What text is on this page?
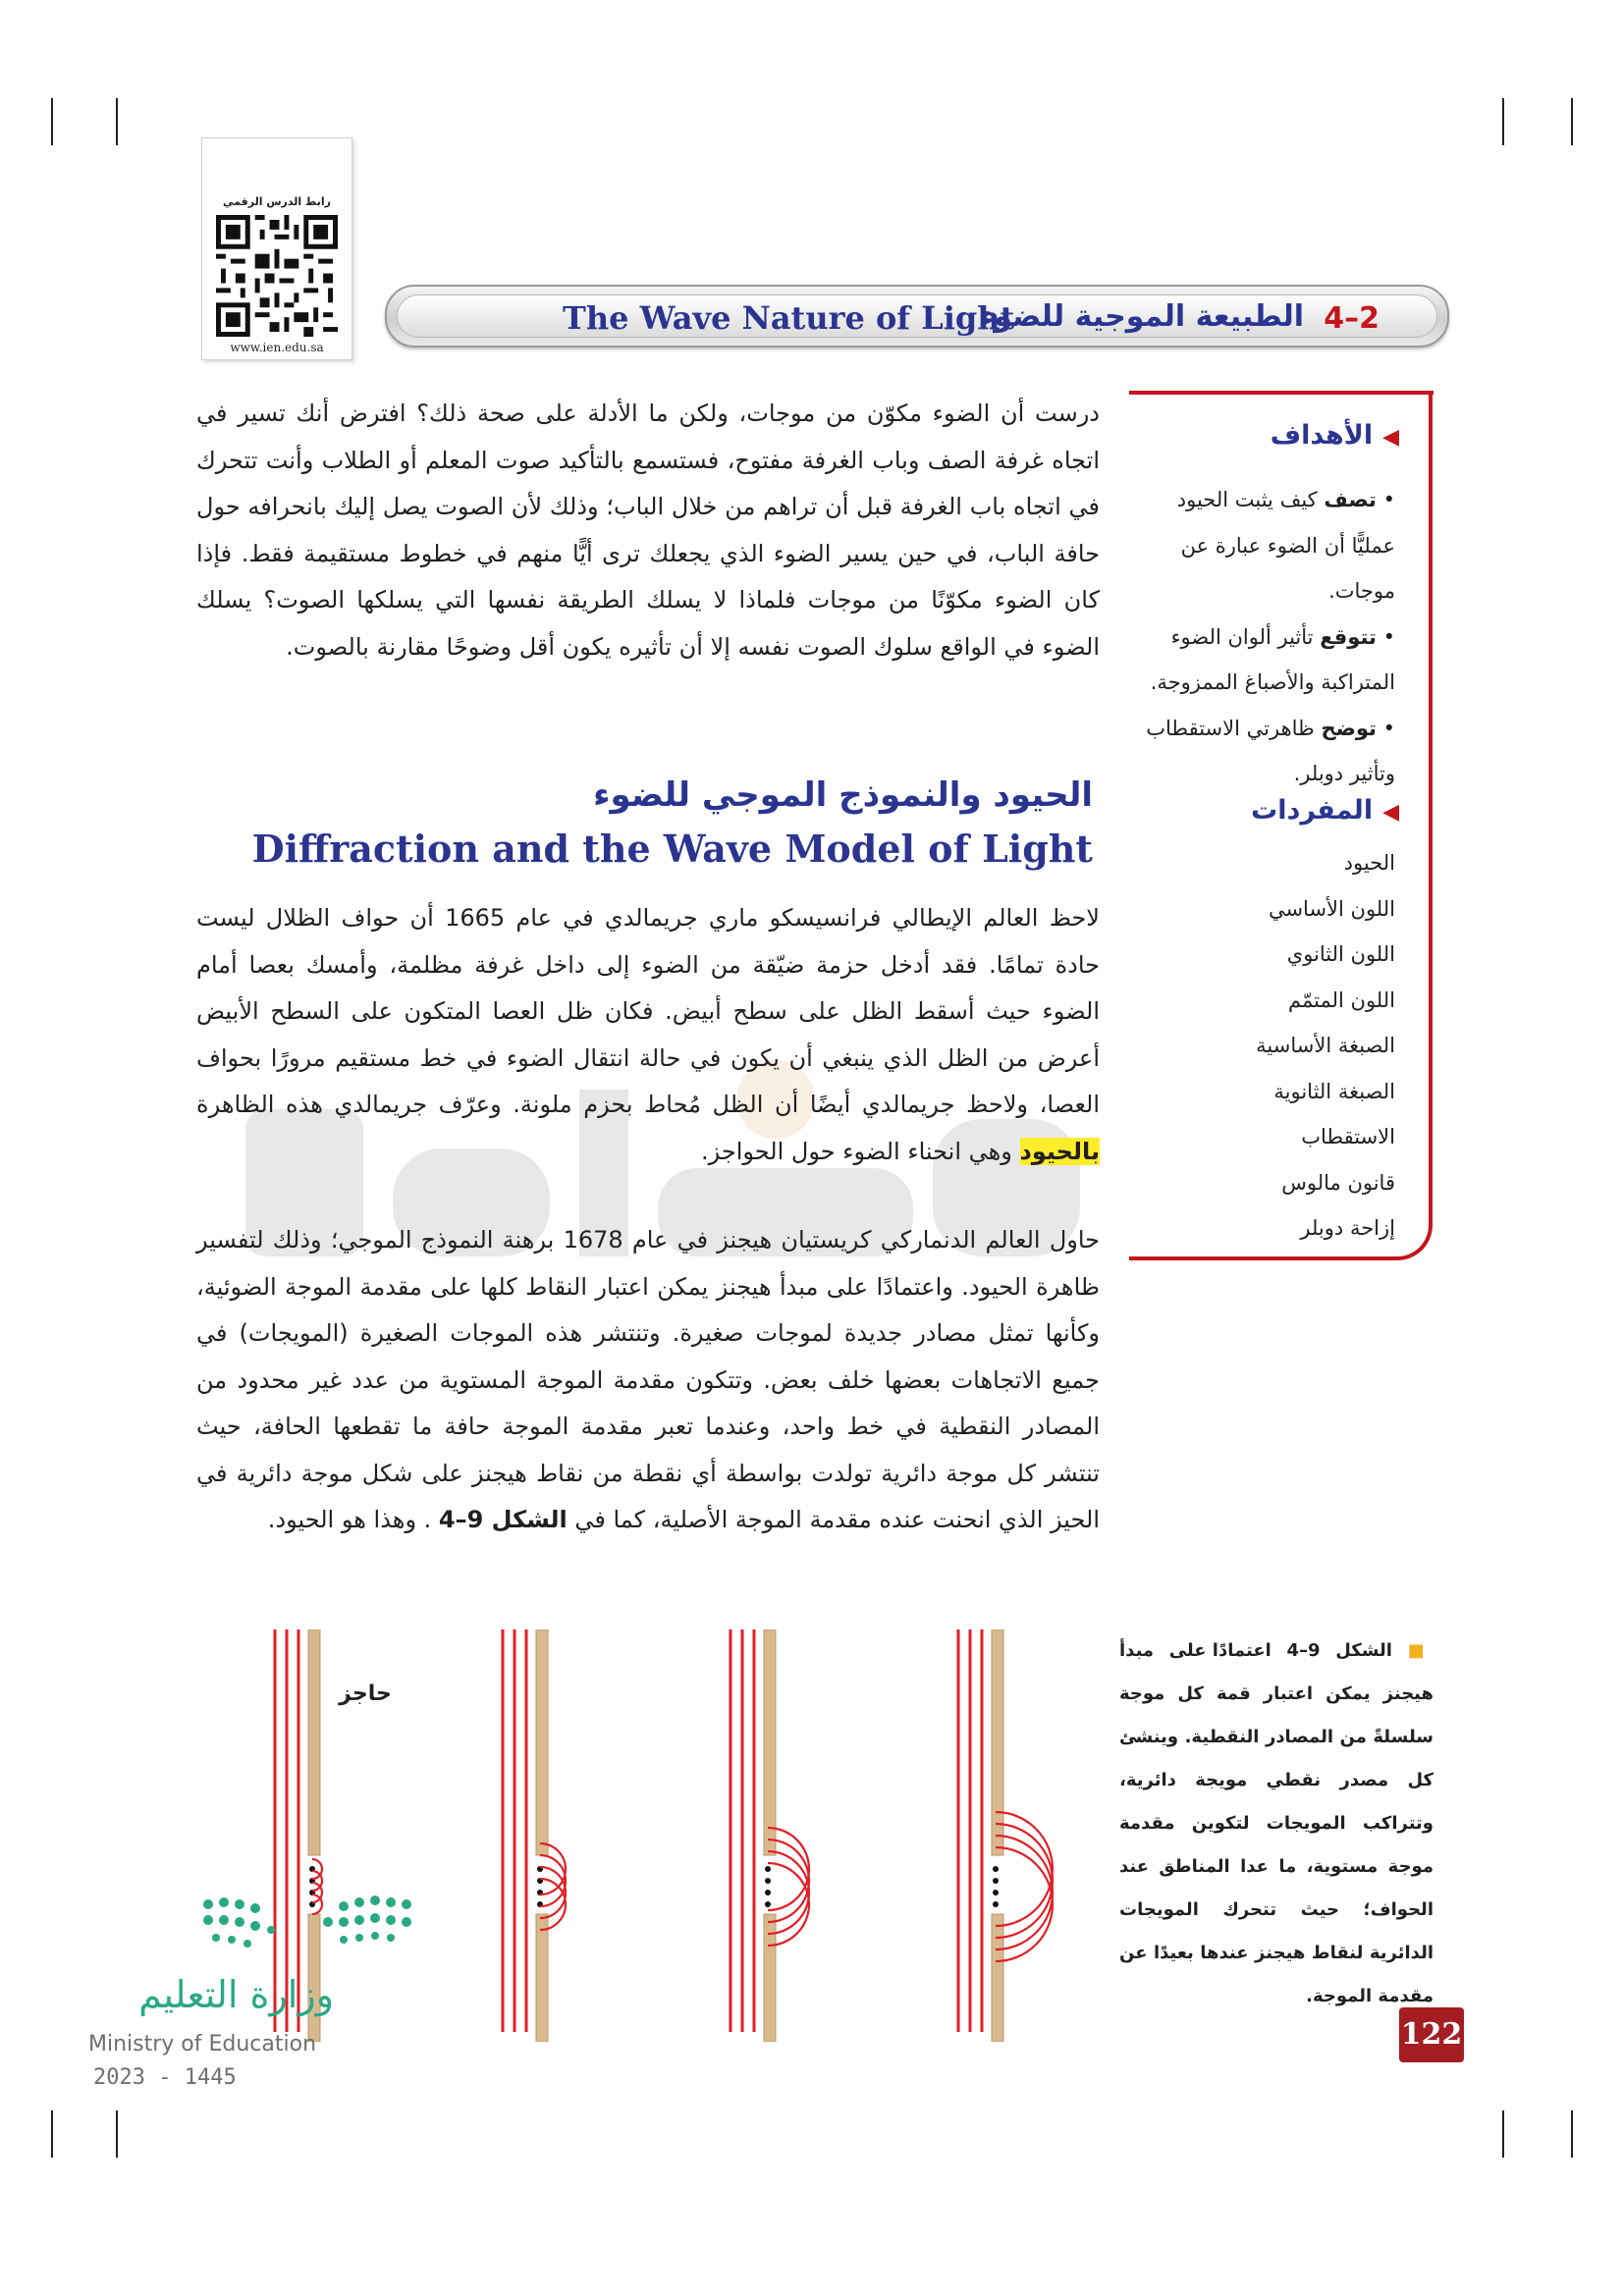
رابط الدرس الرقمي
www.ien.edu.sa
4–2
الطبيعة الموجية للضوء
The Wave Nature of Light
درست أن الضوء مكوّن من موجات، ولكن ما الأدلة على صحة ذلك؟ افترض أنك تسير في اتجاه غرفة الصف وباب الغرفة مفتوح، فستسمع بالتأكيد صوت المعلم أو الطلاب وأنت تتحرك في اتجاه باب الغرفة قبل أن تراهم من خلال الباب؛ وذلك لأن الصوت يصل إليك بانحرافه حول حافة الباب، في حين يسير الضوء الذي يجعلك ترى أيًّا منهم في خطوط مستقيمة فقط. فإذا كان الضوء مكوّنًا من موجات فلماذا لا يسلك الطريقة نفسها التي يسلكها الصوت؟ يسلك الضوء في الواقع سلوك الصوت نفسه إلا أن تأثيره يكون أقل وضوحًا مقارنة بالصوت.
الحيود والنموذج الموجي للضوء
Diffraction and the Wave Model of Light
لاحظ العالم الإيطالي فرانسيسكو ماري جريمالدي في عام 1665 أن حواف الظلال ليست حادة تمامًا. فقد أدخل حزمة ضيّقة من الضوء إلى داخل غرفة مظلمة، وأمسك بعصا أمام الضوء حيث أسقط الظل على سطح أبيض. فكان ظل العصا المتكون على السطح الأبيض أعرض من الظل الذي ينبغي أن يكون في حالة انتقال الضوء في خط مستقيم مرورًا بحواف العصا، ولاحظ جريمالدي أيضًا أن الظل مُحاط بحزم ملونة. وعرّف جريمالدي هذه الظاهرة بالحيود وهي انحناء الضوء حول الحواجز.
حاول العالم الدنماركي كريستيان هيجنز في عام 1678 برهنة النموذج الموجي؛ وذلك لتفسير ظاهرة الحيود. واعتمادًا على مبدأ هيجنز يمكن اعتبار النقاط كلها على مقدمة الموجة الضوئية، وكأنها تمثل مصادر جديدة لموجات صغيرة. وتنتشر هذه الموجات الصغيرة (المويجات) في جميع الاتجاهات بعضها خلف بعض. وتتكون مقدمة الموجة المستوية من عدد غير محدود من المصادر النقطية في خط واحد، وعندما تعبر مقدمة الموجة حافة ما تقطعها الحافة، حيث تنتشر كل موجة دائرية تولدت بواسطة أي نقطة من نقاط هيجنز على شكل موجة دائرية في الحيز الذي انحنت عنده مقدمة الموجة الأصلية، كما في الشكل 9–4 . وهذا هو الحيود.
◀الأهداف

• تصف كيف يثبت الحيود عمليًّا أن الضوء عبارة عن موجات.

• تتوقع تأثير ألوان الضوء المتراكبة والأصباغ الممزوجة.

• توضح ظاهرتي الاستقطاب وتأثير دوبلر.

◀المفردات
الحيود
اللون الأساسي
اللون الثانوي
اللون المتمّم
الصبغة الأساسية
الصبغة الثانوية
الاستقطاب
قانون مالوس
إزاحة دوبلر
■ الشكل 9–4 اعتمادًا على مبدأ هيجنز يمكن اعتبار قمة كل موجة سلسلةً من المصادر النقطية. وينشئ كل مصدر نقطي مويجة دائرية، وتتراكب المويجات لتكوين مقدمة موجة مستوية، ما عدا المناطق عند الحواف؛ حيث تتحرك المويجات الدائرية لنقاط هيجنز عندها بعيدًا عن مقدمة الموجة.
حاجز
122
وزارة التعليم
Ministry of Education
2023 - 1445
